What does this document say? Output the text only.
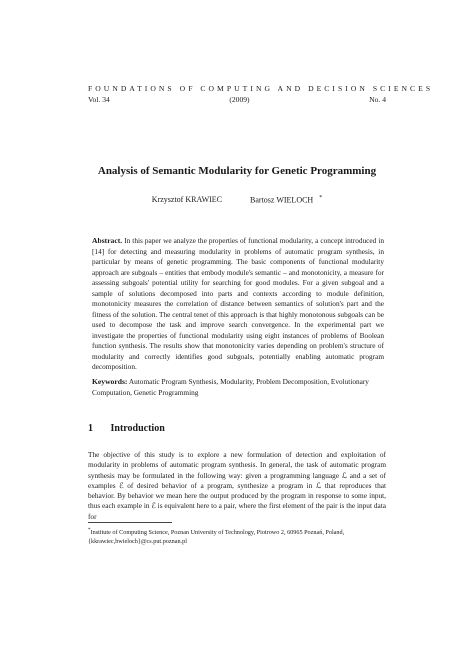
FOUNDATIONS OF COMPUTING AND DECISION SCIENCES
Vol. 34	(2009)	No. 4
Analysis of Semantic Modularity for Genetic Programming
Krzysztof KRAWIEC	Bartosz WIELOCH *
Abstract. In this paper we analyze the properties of functional modularity, a concept introduced in [14] for detecting and measuring modularity in problems of automatic program synthesis, in particular by means of genetic programming. The basic components of functional modularity approach are subgoals – entities that embody module's semantic – and monotonicity, a measure for assessing subgoals' potential utility for searching for good modules. For a given subgoal and a sample of solutions decomposed into parts and contexts according to module definition, monotonicity measures the correlation of distance between semantics of solution's part and the fitness of the solution. The central tenet of this approach is that highly monotonous subgoals can be used to decompose the task and improve search convergence. In the experimental part we investigate the properties of functional modularity using eight instances of problems of Boolean function synthesis. The results show that monotonicity varies depending on problem's structure of modularity and correctly identifies good subgoals, potentially enabling automatic program decomposition.
Keywords: Automatic Program Synthesis, Modularity, Problem Decomposition, Evolutionary Computation, Genetic Programming
1 Introduction
The objective of this study is to explore a new formulation of detection and exploitation of modularity in problems of automatic program synthesis. In general, the task of automatic program synthesis may be formulated in the following way: given a programming language ℒ and a set of examples ℰ of desired behavior of a program, synthesize a program in ℒ that reproduces that behavior. By behavior we mean here the output produced by the program in response to some input, thus each example in ℰ is equivalent here to a pair, where the first element of the pair is the input data for
*Institute of Computing Science, Poznan University of Technology, Piotrowo 2, 60965 Poznań, Poland, {kkrawiec,bwieloch}@cs.put.poznan.pl
